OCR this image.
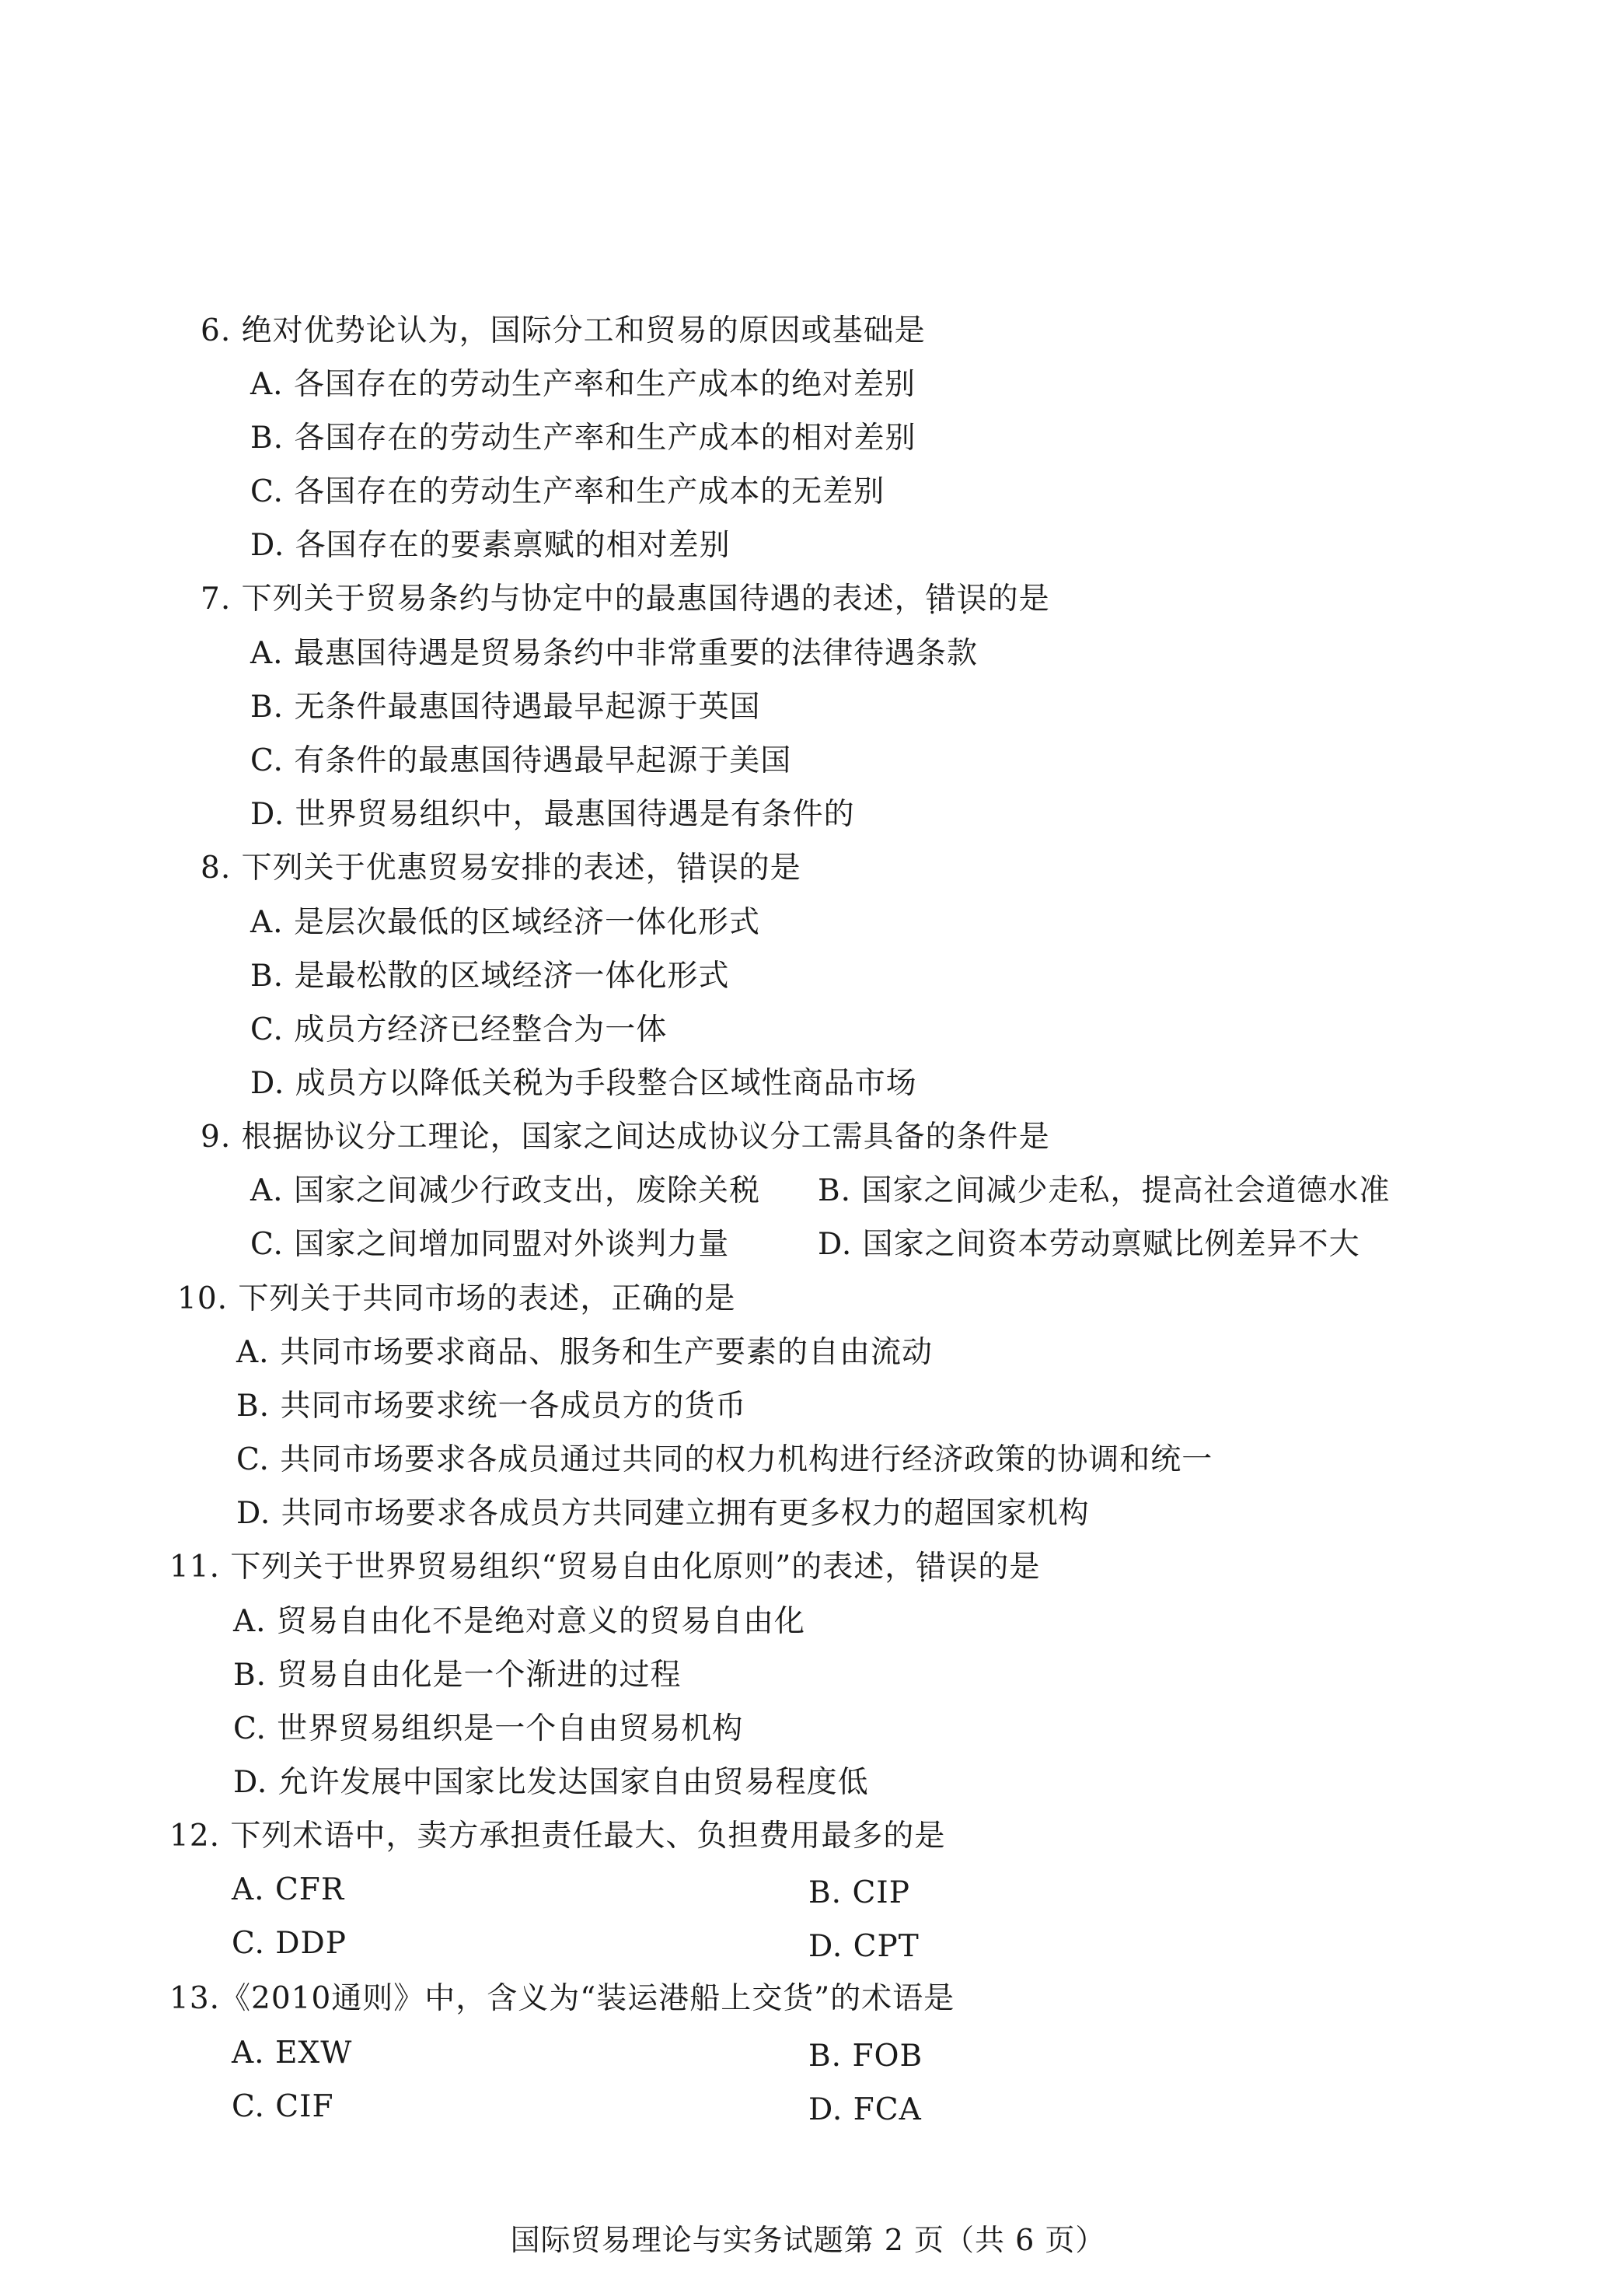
6. 绝对优势论认为，国际分工和贸易的原因或基础是
A. 各国存在的劳动生产率和生产成本的绝对差别
B. 各国存在的劳动生产率和生产成本的相对差别
C. 各国存在的劳动生产率和生产成本的无差别
D. 各国存在的要素禀赋的相对差别
7. 下列关于贸易条约与协定中的最惠国待遇的表述，错误 · ·的是
A. 最惠国待遇是贸易条约中非常重要的法律待遇条款
B. 无条件最惠国待遇最早起源于英国
C. 有条件的最惠国待遇最早起源于美国
D. 世界贸易组织中，最惠国待遇是有条件的
8. 下列关于优惠贸易安排的表述，错误 · ·的是
A. 是层次最低的区域经济一体化形式
B. 是最松散的区域经济一体化形式
C. 成员方经济已经整合为一体
D. 成员方以降低关税为手段整合区域性商品市场
9. 根据协议分工理论，国家之间达成协议分工需具备的条件是
A. 国家之间减少行政支出，废除关税 B. 国家之间减少走私，提高社会道德水准
C. 国家之间增加同盟对外谈判力量	D. 国家之间资本劳动禀赋比例差异不大
10. 下列关于共同市场的表述，正确的是
A. 共同市场要求商品、服务和生产要素的自由流动
B. 共同市场要求统一各成员方的货币
C. 共同市场要求各成员通过共同的权力机构进行经济政策的协调和统一
D. 共同市场要求各成员方共同建立拥有更多权力的超国家机构
11. 下列关于世界贸易组织“贸易自由化原则”的表述，错误 · ·的是
A. 贸易自由化不是绝对意义的贸易自由化
B. 贸易自由化是一个渐进的过程
C. 世界贸易组织是一个自由贸易机构
D. 允许发展中国家比发达国家自由贸易程度低
12. 下列术语中，卖方承担责任最大、负担费用最多的是
A. CFR	B. CIP
C. DDP	D. CPT
13.《2010通则》中，含义为“装运港船上交货”的术语是
A. EXW	B. FOB
C. CIF	D. FCA
国际贸易理论与实务试题第 2 页（共 6 页）
